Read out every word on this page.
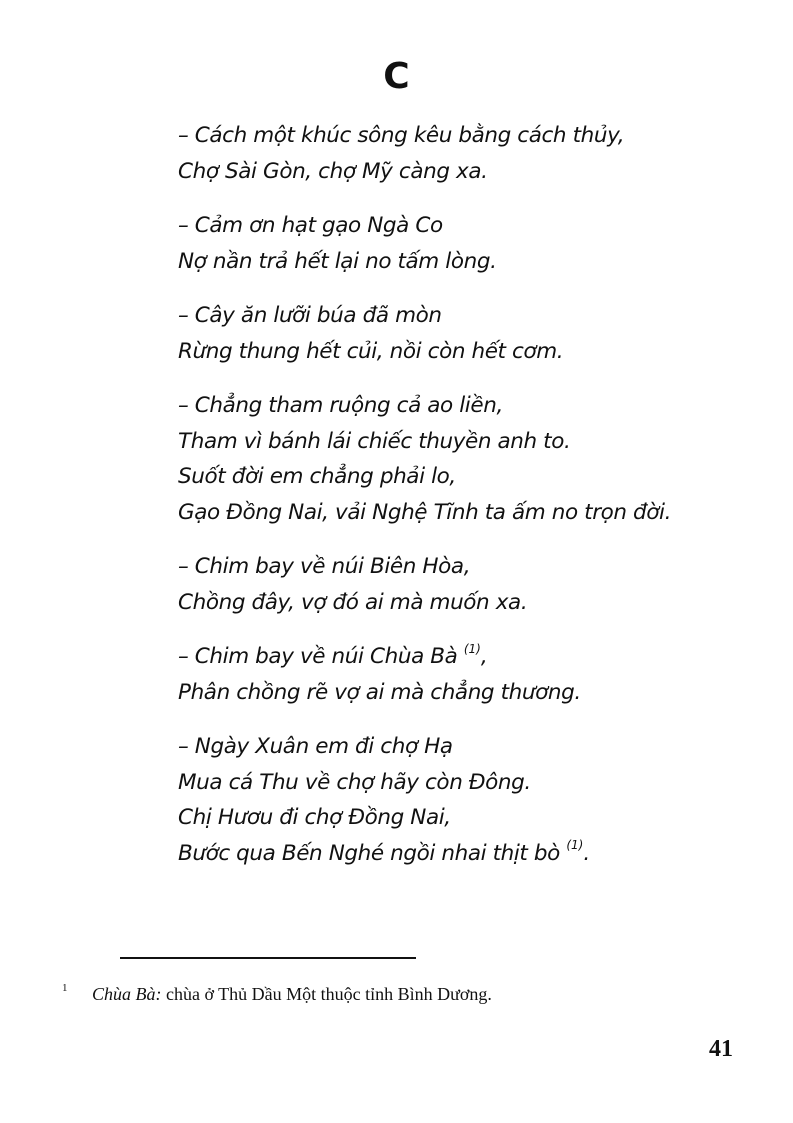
C
– Cách một khúc sông kêu bằng cách thủy,
Chợ Sài Gòn, chợ Mỹ càng xa.
– Cảm ơn hạt gạo Ngà Co
Nợ nần trả hết lại no tấm lòng.
– Cây ăn lưỡi búa đã mòn
Rừng thung hết củi, nồi còn hết cơm.
– Chẳng tham ruộng cả ao liền,
Tham vì bánh lái chiếc thuyền anh to.
Suốt đời em chẳng phải lo,
Gạo Đồng Nai, vải Nghệ Tĩnh ta ấm no trọn đời.
– Chim bay về núi Biên Hòa,
Chồng đây, vợ đó ai mà muốn xa.
– Chim bay về núi Chùa Bà $^{(1)}$,
Phân chồng rẽ vợ ai mà chẳng thương.
– Ngày Xuân em đi chợ Hạ
Mua cá Thu về chợ hãy còn Đông.
Chị Hươu đi chợ Đồng Nai,
Bước qua Bến Nghé ngồi nhai thịt bò $^{(1)}$.
1 Chùa Bà: chùa ở Thủ Dầu Một thuộc tỉnh Bình Dương.
41
